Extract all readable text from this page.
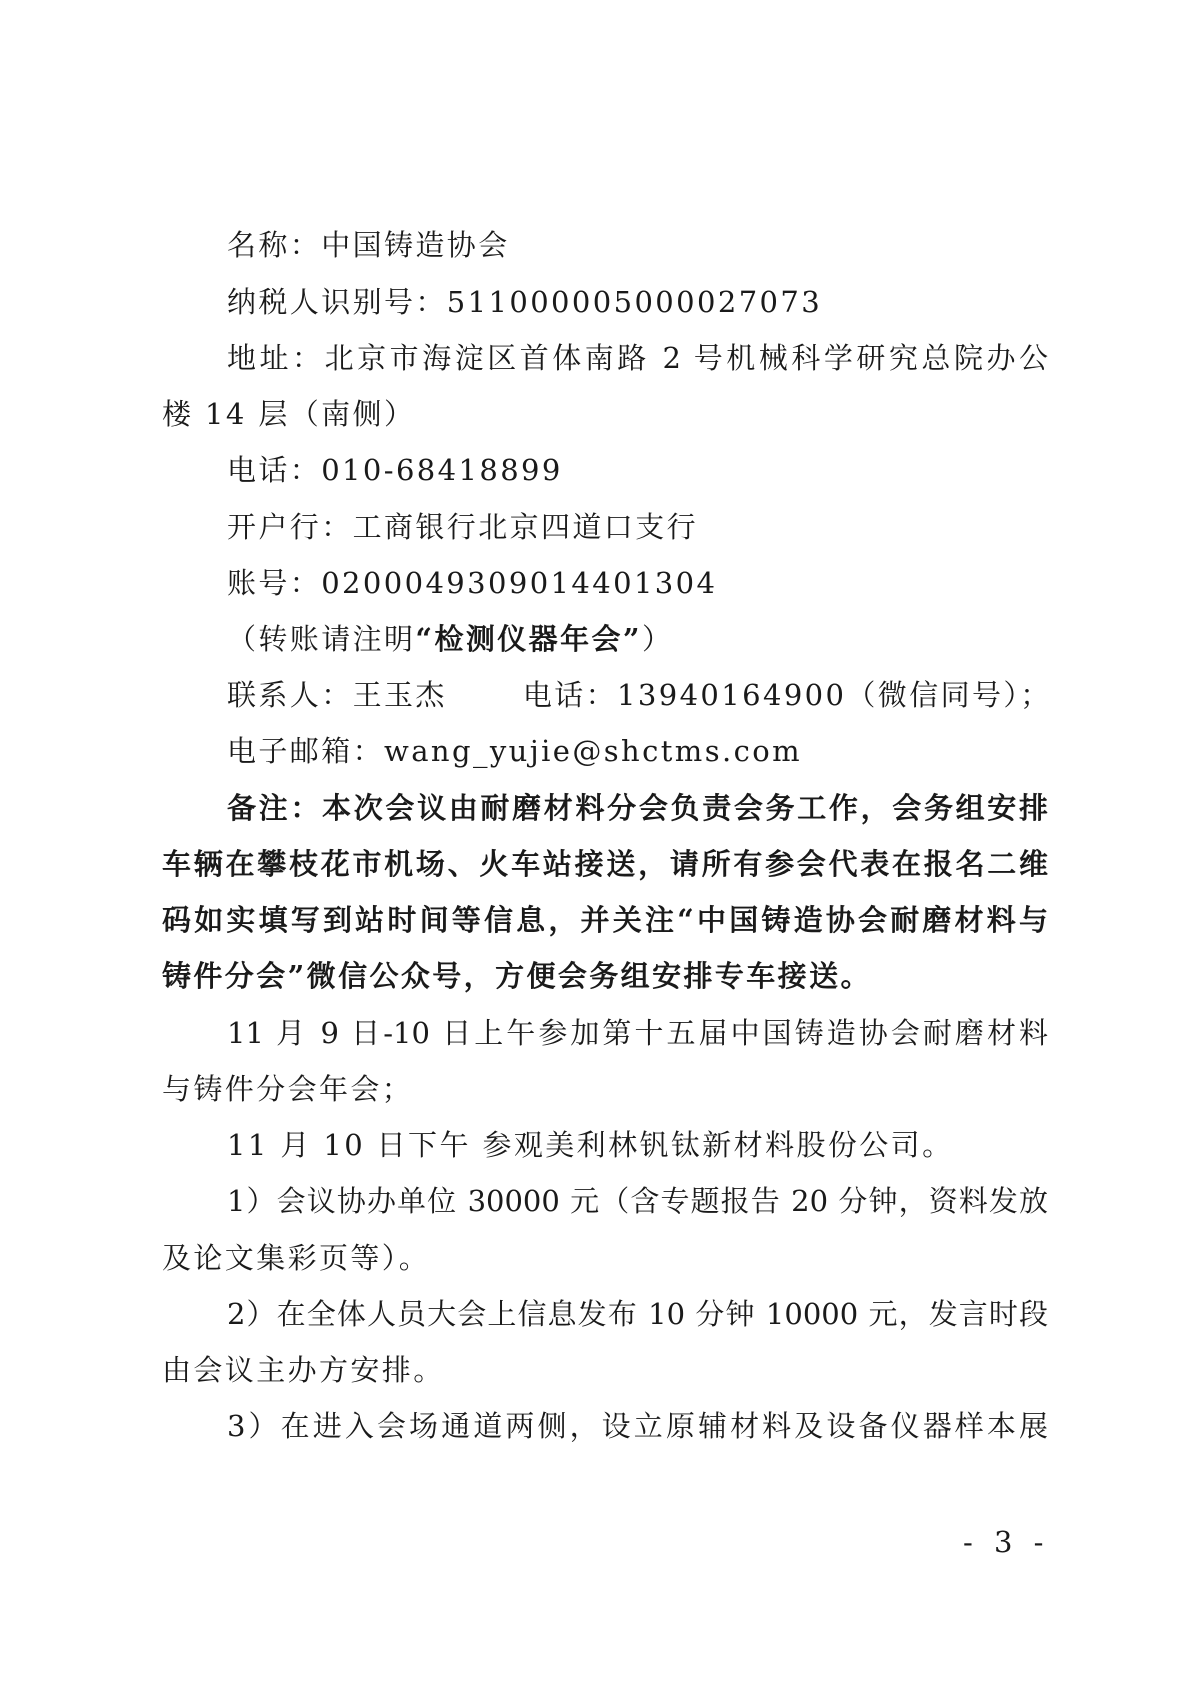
名称：中国铸造协会
纳税人识别号：511000005000027073
地址：北京市海淀区首体南路 2 号机械科学研究总院办公
楼 14 层（南侧）
电话：010-68418899
开户行：工商银行北京四道口支行
账号：0200049309014401304
（转账请注明“检测仪器年会”）
联系人：王玉杰	电话：13940164900（微信同号）；
电子邮箱：wang_yujie@shctms.com
备注：本次会议由耐磨材料分会负责会务工作，会务组安排
车辆在攀枝花市机场、火车站接送，请所有参会代表在报名二维
码如实填写到站时间等信息，并关注“中国铸造协会耐磨材料与
铸件分会”微信公众号，方便会务组安排专车接送。
11 月 9 日-10 日上午参加第十五届中国铸造协会耐磨材料
与铸件分会年会；
11 月 10 日下午 参观美利林钒钛新材料股份公司。
1）会议协办单位 30000 元（含专题报告 20 分钟，资料发放
及论文集彩页等）。
2）在全体人员大会上信息发布 10 分钟 10000 元，发言时段
由会议主办方安排。
3）在进入会场通道两侧，设立原辅材料及设备仪器样本展
- 3 -
